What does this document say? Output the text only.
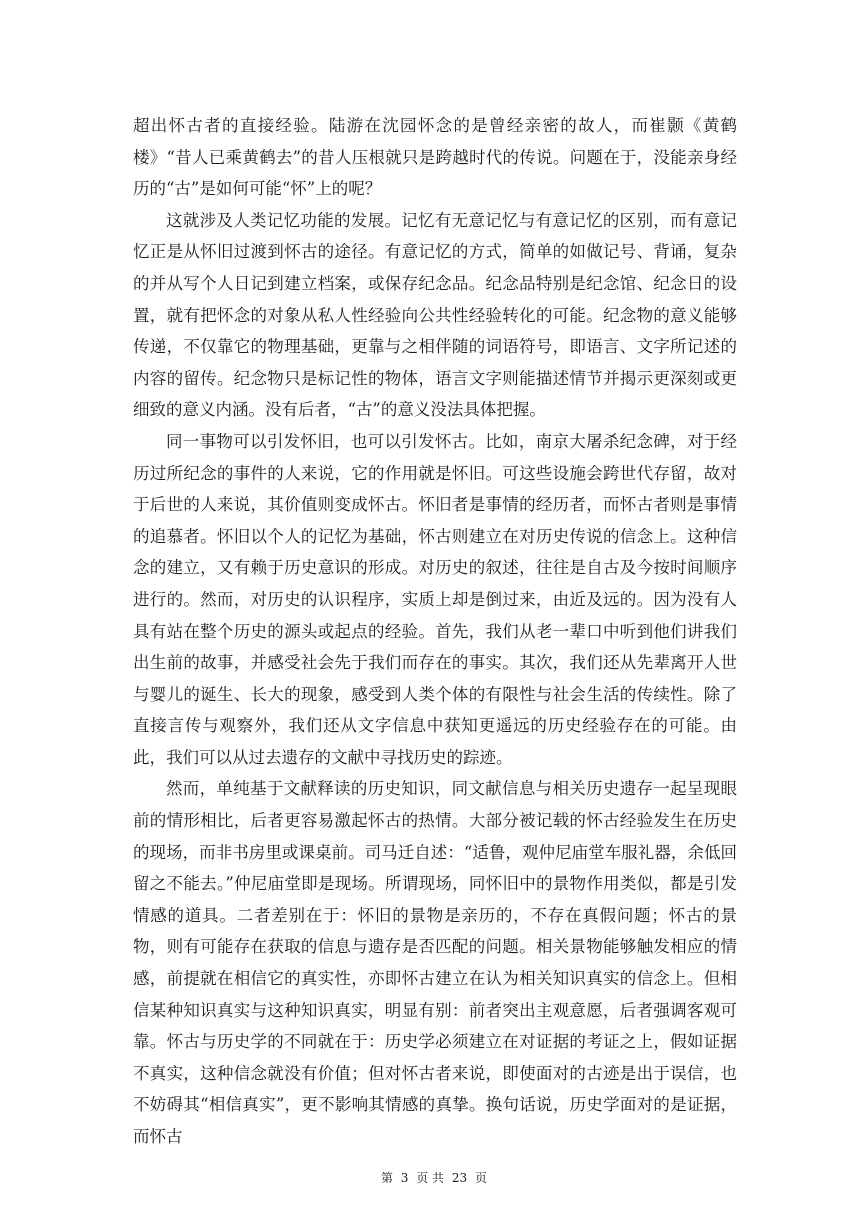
超出怀古者的直接经验。陆游在沈园怀念的是曾经亲密的故人，而崔颢《黄鹤楼》“昔人已乘黄鹤去”的昔人压根就只是跨越时代的传说。问题在于，没能亲身经历的“古”是如何可能“怀”上的呢？

这就涉及人类记忆功能的发展。记忆有无意记忆与有意记忆的区别，而有意记忆正是从怀旧过渡到怀古的途径。有意记忆的方式，简单的如做记号、背诵，复杂的并从写个人日记到建立档案，或保存纪念品。纪念品特别是纪念馆、纪念日的设置，就有把怀念的对象从私人性经验向公共性经验转化的可能。纪念物的意义能够传递，不仅靠它的物理基础，更靠与之相伴随的词语符号，即语言、文字所记述的内容的留传。纪念物只是标记性的物体，语言文字则能描述情节并揭示更深刻或更细致的意义内涵。没有后者，“古”的意义没法具体把握。

同一事物可以引发怀旧，也可以引发怀古。比如，南京大屠杀纪念碑，对于经历过所纪念的事件的人来说，它的作用就是怀旧。可这些设施会跨世代存留，故对于后世的人来说，其价值则变成怀古。怀旧者是事情的经历者，而怀古者则是事情的追慕者。怀旧以个人的记忆为基础，怀古则建立在对历史传说的信念上。这种信念的建立，又有赖于历史意识的形成。对历史的叙述，往往是自古及今按时间顺序进行的。然而，对历史的认识程序，实质上却是倒过来，由近及远的。因为没有人具有站在整个历史的源头或起点的经验。首先，我们从老一辈口中听到他们讲我们出生前的故事，并感受社会先于我们而存在的事实。其次，我们还从先辈离开人世与婴儿的诞生、长大的现象，感受到人类个体的有限性与社会生活的传续性。除了直接言传与观察外，我们还从文字信息中获知更遥远的历史经验存在的可能。由此，我们可以从过去遗存的文献中寻找历史的踪迹。

然而，单纯基于文献释读的历史知识，同文献信息与相关历史遗存一起呈现眼前的情形相比，后者更容易激起怀古的热情。大部分被记载的怀古经验发生在历史的现场，而非书房里或课桌前。司马迁自述：“适鲁，观仲尼庙堂车服礼器，余低回留之不能去。”仲尼庙堂即是现场。所谓现场，同怀旧中的景物作用类似，都是引发情感的道具。二者差别在于：怀旧的景物是亲历的，不存在真假问题；怀古的景物，则有可能存在获取的信息与遗存是否匹配的问题。相关景物能够触发相应的情感，前提就在相信它的真实性，亦即怀古建立在认为相关知识真实的信念上。但相信某种知识真实与这种知识真实，明显有别：前者突出主观意愿，后者强调客观可靠。怀古与历史学的不同就在于：历史学必须建立在对证据的考证之上，假如证据不真实，这种信念就没有价值；但对怀古者来说，即使面对的古迹是出于误信，也不妨碍其“相信真实”，更不影响其情感的真挚。换句话说，历史学面对的是证据，而怀古

第 3 页 共 23 页
